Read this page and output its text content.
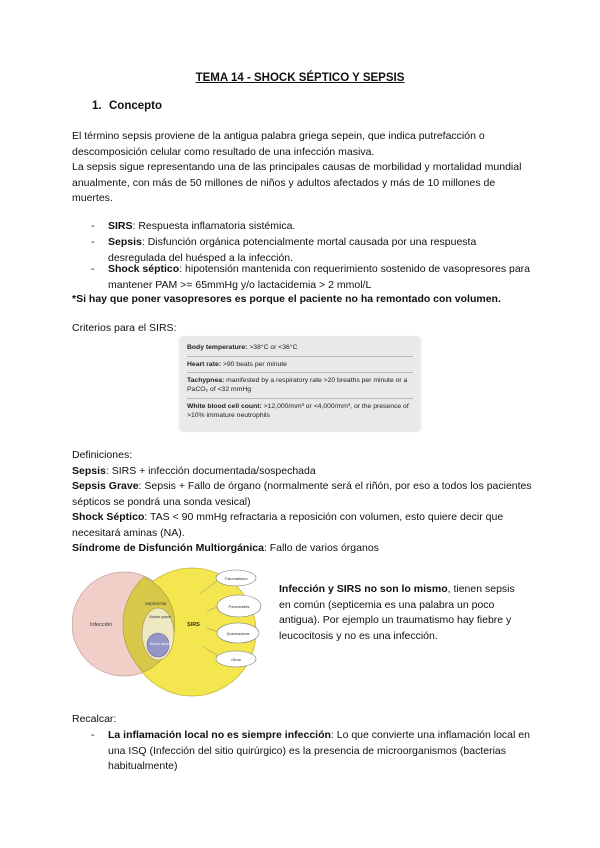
TEMA 14 - SHOCK SÉPTICO Y SEPSIS
1. Concepto

El término sepsis proviene de la antigua palabra griega sepein, que indica putrefacción o descomposición celular como resultado de una infección masiva.

La sepsis sigue representando una de las principales causas de morbilidad y mortalidad mundial anualmente, con más de 50 millones de niños y adultos afectados y más de 10 millones de muertes.

- SIRS: Respuesta inflamatoria sistémica.
- Sepsis: Disfunción orgánica potencialmente mortal causada por una respuesta desregulada del huésped a la infección.
- Shock séptico: hipotensión mantenida con requerimiento sostenido de vasopresores para mantener PAM >= 65mmHg y/o lactacidemia > 2 mmol/L
*Si hay que poner vasopresores es porque el paciente no ha remontado con volumen.
Criterios para el SIRS:
Body temperature: >38°C or <36°C
Heart rate: >90 beats per minute
Tachypnea: manifested by a respiratory rate >20 breaths per minute or a PaCO₂ of <32 mmHg
White blood cell count: >12,000/mm³ or <4,000/mm³, or the presence of >10% immature neutrophils

Definiciones:

Sepsis: SIRS + infección documentada/sospechada

Sepsis Grave: Sepsis + Fallo de órgano (normalmente será el riñón, por eso a todos los pacientes sépticos se pondrá una sonda vesical)

Shock Séptico: TAS < 90 mmHg refractaria a reposición con volumen, esto quiere decir que necesitará aminas (NA).

Síndrome de Disfunción Multiorgánica: Fallo de varios órganos

Infección	SIRS
Septicemia
Sepsis grave
Shock séptico
Traumatismo
Pancreatitis
Quemaduras
Otros
Infección y SIRS no son lo mismo, tienen sepsis en común (septicemia es una palabra un poco antigua). Por ejemplo un traumatismo hay fiebre y leucocitosis y no es una infección.
Recalcar:
- La inflamación local no es siempre infección: Lo que convierte una inflamación local en una ISQ (Infección del sitio quirúrgico) es la presencia de microorganismos (bacterias habitualmente)
